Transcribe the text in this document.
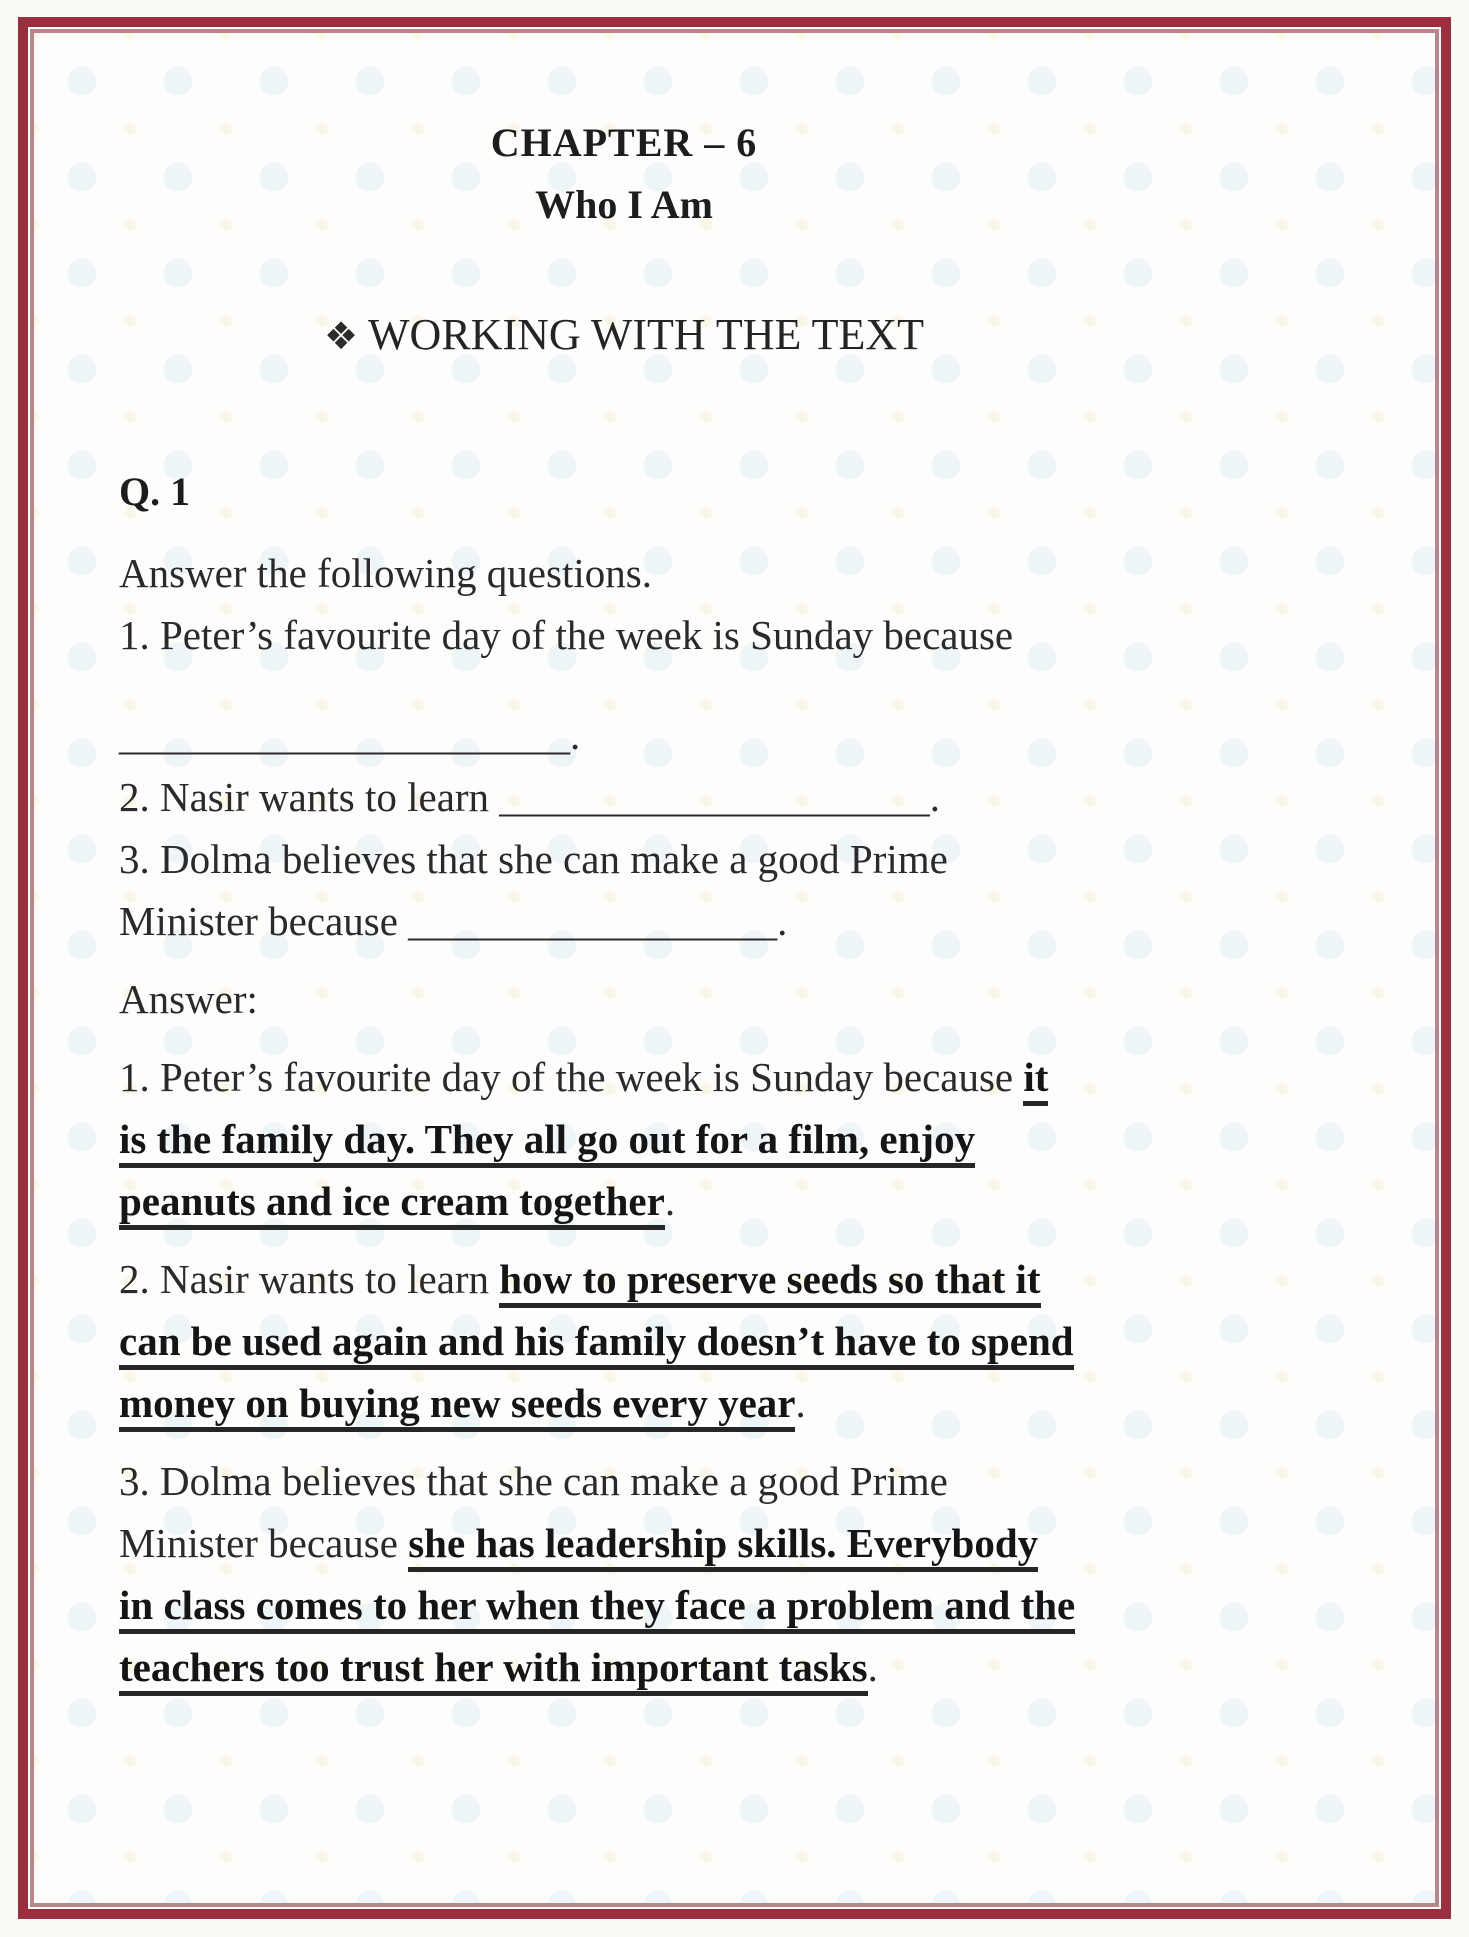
CHAPTER – 6
Who I Am
❖ WORKING WITH THE TEXT
Q. 1
Answer the following questions.
1. Peter’s favourite day of the week is Sunday because
______________________.
2. Nasir wants to learn _____________________.
3. Dolma believes that she can make a good Prime
Minister because __________________.
Answer:
1. Peter’s favourite day of the week is Sunday because it
is the family day. They all go out for a film, enjoy
peanuts and ice cream together.
2. Nasir wants to learn how to preserve seeds so that it
can be used again and his family doesn’t have to spend
money on buying new seeds every year.
3. Dolma believes that she can make a good Prime
Minister because she has leadership skills. Everybody
in class comes to her when they face a problem and the
teachers too trust her with important tasks.
